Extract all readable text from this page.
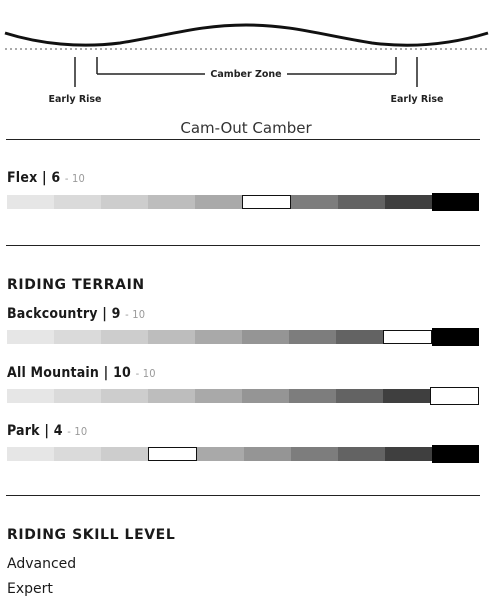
Camber Zone
Early Rise	Early Rise
Cam-Out Camber
Flex | 6 - 10
RIDING TERRAIN
Backcountry | 9 - 10
All Mountain | 10 - 10
Park | 4 - 10
RIDING SKILL LEVEL
Advanced
Expert
